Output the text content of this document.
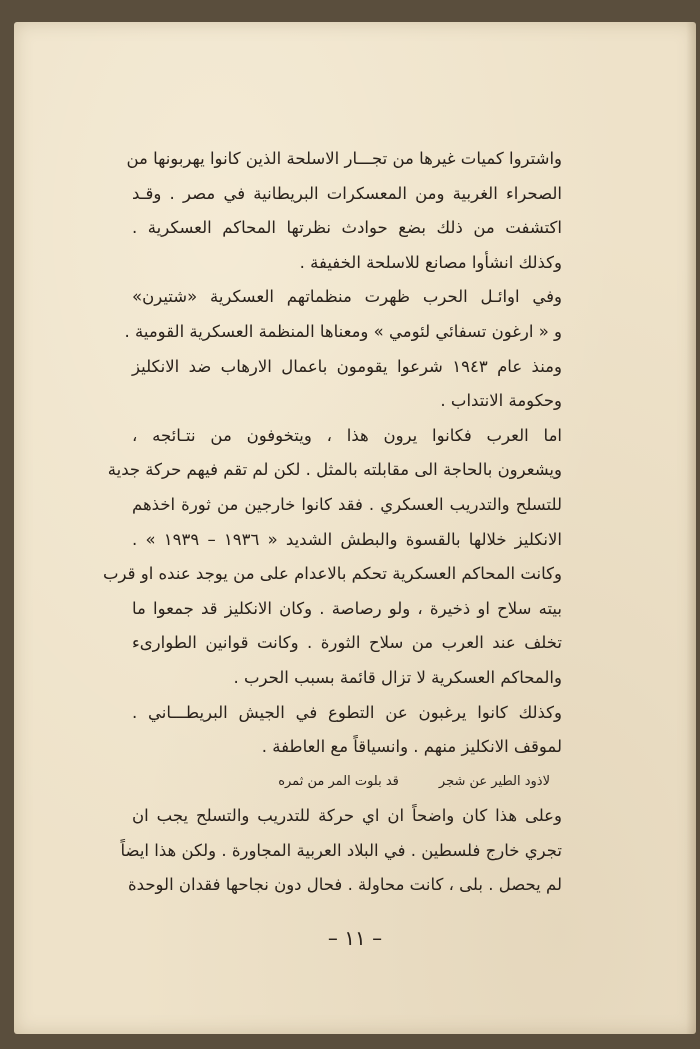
واشتروا كميات غيرها من تجـــار الاسلحة الذين كانوا يهربونها من
الصحراء الغربية ومن المعسكرات البريطانية في مصر . وقـد
اكتشفت من ذلك بضع حوادث نظرتها المحاكم العسكرية .
وكذلك انشأوا مصانع للاسلحة الخفيفة .
وفي اوائـل الحرب ظهرت منظماتهم العسكرية «شتيرن»
و « ارغون تسفائي لئومي » ومعناها المنظمة العسكرية القومية .
ومنذ عام ١٩٤٣ شرعوا يقومون باعمال الارهاب ضد الانكليز
وحكومة الانتداب .
اما العرب فكانوا يرون هذا ، ويتخوفون من نتـائجه ،
ويشعرون بالحاجة الى مقابلته بالمثل . لكن لم تقم فيهم حركة جدية
للتسلح والتدريب العسكري . فقد كانوا خارجين من ثورة اخذهم
الانكليز خلالها بالقسوة والبطش الشديد « ١٩٣٦ – ١٩٣٩ » .
وكانت المحاكم العسكرية تحكم بالاعدام على من يوجد عنده او قرب
بيته سلاح او ذخيرة ، ولو رصاصة . وكان الانكليز قد جمعوا ما
تخلف عند العرب من سلاح الثورة . وكانت قوانين الطوارىء
والمحاكم العسكرية لا تزال قائمة بسبب الحرب .
وكذلك كانوا يرغبون عن التطوع في الجيش البريطـــاني .
لموقف الانكليز منهم . وانسياقاً مع العاطفة .
لاذود الطير عن شجر
قد بلوت المر من ثمره
وعلى هذا كان واضحاً ان اي حركة للتدريب والتسلح يجب ان
تجري خارج فلسطين . في البلاد العربية المجاورة . ولكن هذا ايضاً
لم يحصل . بلى ، كانت محاولة . فحال دون نجاحها فقدان الوحدة
– ١١ –
